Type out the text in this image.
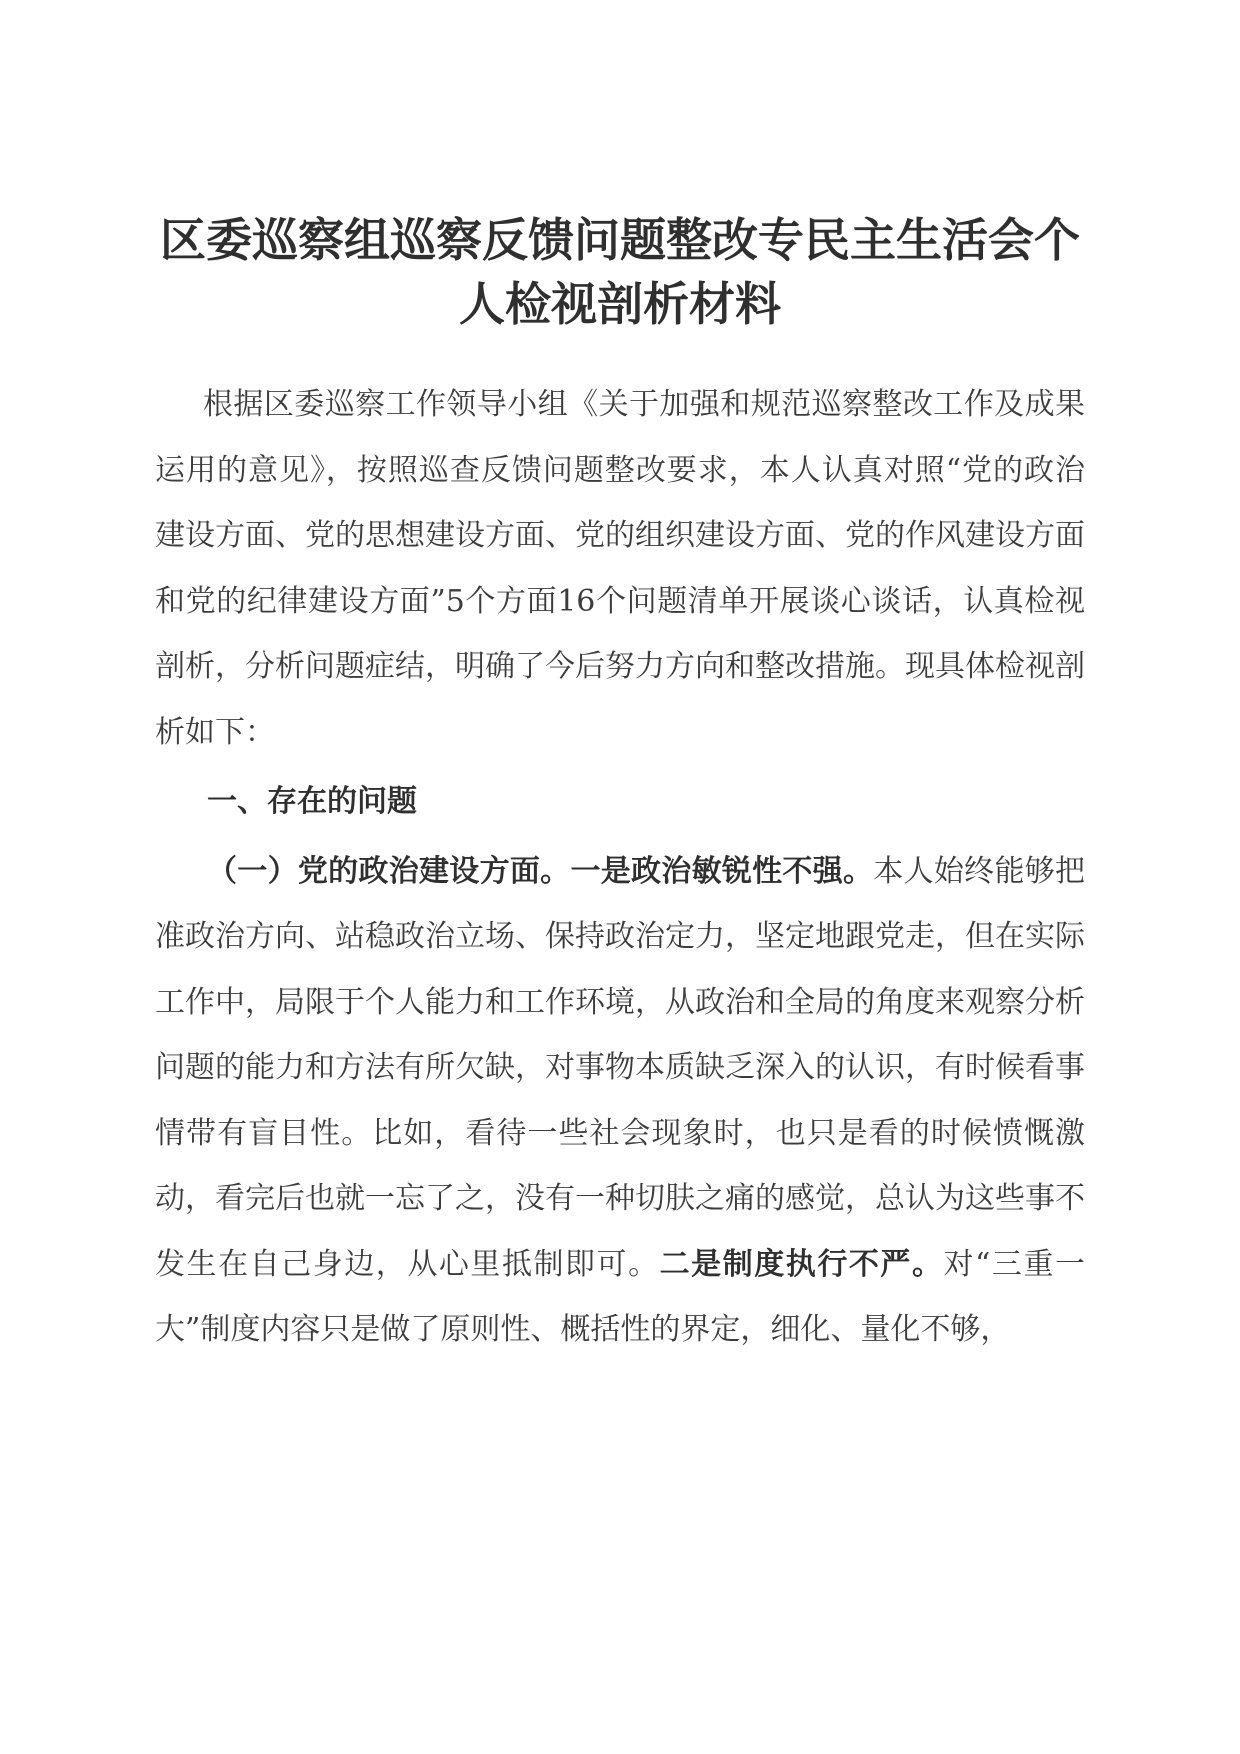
区委巡察组巡察反馈问题整改专民主生活会个人检视剖析材料

根据区委巡察工作领导小组《关于加强和规范巡察整改工作及成果运用的意见》，按照巡查反馈问题整改要求，本人认真对照“党的政治建设方面、党的思想建设方面、党的组织建设方面、党的作风建设方面和党的纪律建设方面”5个方面16个问题清单开展谈心谈话，认真检视剖析，分析问题症结，明确了今后努力方向和整改措施。现具体检视剖析如下：

一、存在的问题

（一）党的政治建设方面。一是政治敏锐性不强。本人始终能够把准政治方向、站稳政治立场、保持政治定力，坚定地跟党走，但在实际工作中，局限于个人能力和工作环境，从政治和全局的角度来观察分析问题的能力和方法有所欠缺，对事物本质缺乏深入的认识，有时候看事情带有盲目性。比如，看待一些社会现象时，也只是看的时候愤慨激动，看完后也就一忘了之，没有一种切肤之痛的感觉，总认为这些事不发生在自己身边，从心里抵制即可。二是制度执行不严。对“三重一大”制度内容只是做了原则性、概括性的界定，细化、量化不够，
